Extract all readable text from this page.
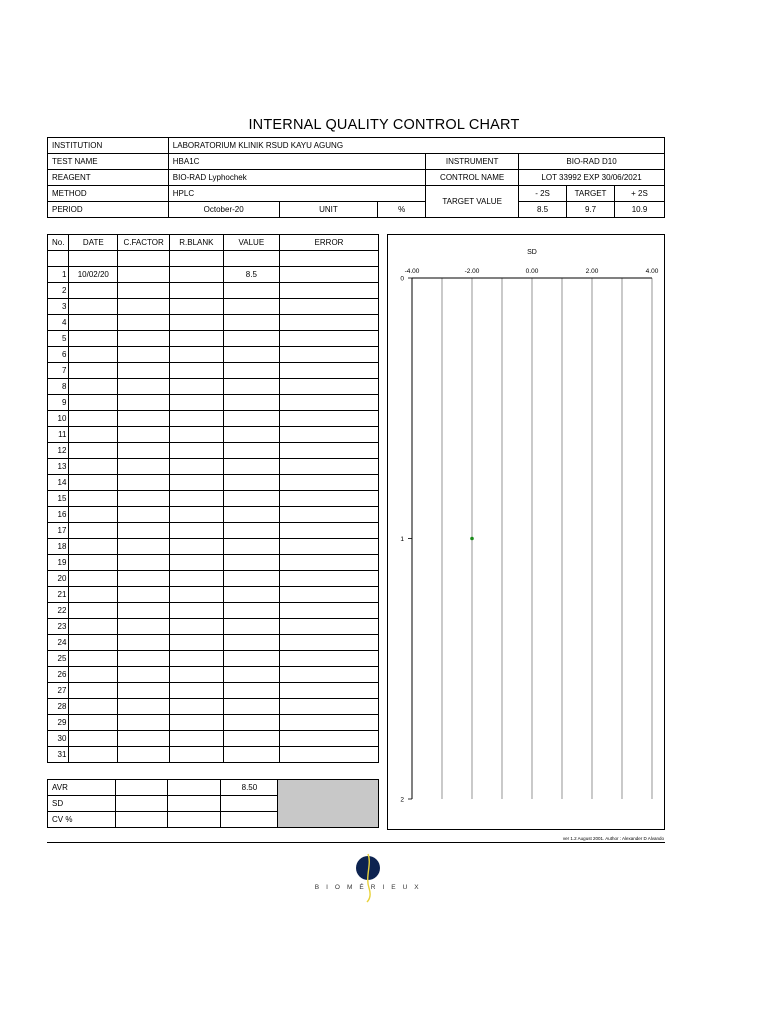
INTERNAL QUALITY CONTROL CHART
INSTITUTION	LABORATORIUM KLINIK RSUD KAYU AGUNG						
TEST NAME	HBA1C			INSTRUMENT	BIO-RAD D10		
REAGENT	BIO-RAD Lyphochek			CONTROL NAME	LOT 33992 EXP 30/06/2021		
METHOD	HPLC			TARGET VALUE	- 2S	TARGET	+ 2S
PERIOD	October-20	UNIT	%		8.5	9.7	10.9
No.	DATE	C.FACTOR	R.BLANK	VALUE	ERROR

1	10/02/20			8.5	
2					
3					
4					
5					
6					
7					
8					
9					
10					
11					
12					
13					
14					
15					
16					
17					
18					
19					
20					
21					
22					
23					
24					
25					
26					
27					
28					
29					
30					
31					
AVR			8.50	
SD				
CV %				
SD
-4.00	-2.00	0.00	2.00	4.00
0
1
2
ver 1.2 August 2001. Author : Alexander D Alvando
B I O M É R I E U X
